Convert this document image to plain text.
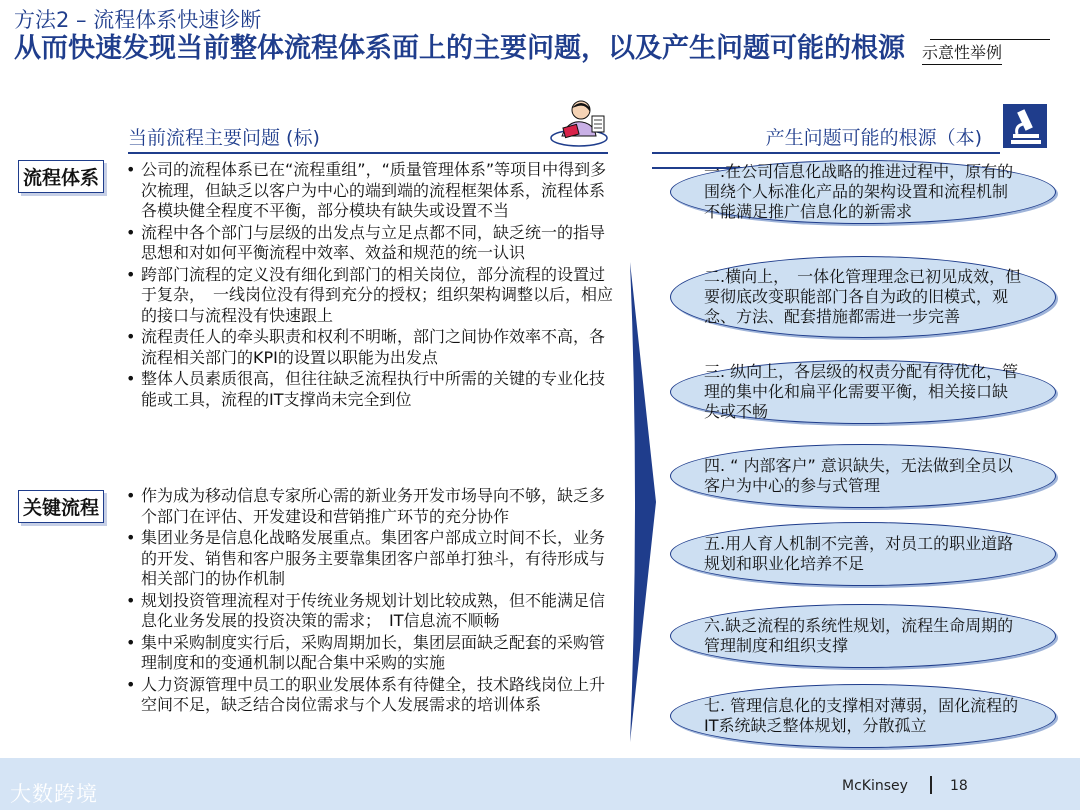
方法2 – 流程体系快速诊断
从而快速发现当前整体流程体系面上的主要问题，以及产生问题可能的根源	示意性举例
当前流程主要问题 (标)	产生问题可能的根源（本)
流程体系	• 公司的流程体系已在“流程重组”，“质量管理体系”等项目中得到多次梳理，但缺乏以客户为中心的端到端的流程框架体系，流程体系各模块健全程度不平衡，部分模块有缺失或设置不当
• 流程中各个部门与层级的出发点与立足点都不同，缺乏统一的指导思想和对如何平衡流程中效率、效益和规范的统一认识
• 跨部门流程的定义没有细化到部门的相关岗位，部分流程的设置过于复杂，　一线岗位没有得到充分的授权；组织架构调整以后，相应的接口与流程没有快速跟上
• 流程责任人的牵头职责和权利不明晰，部门之间协作效率不高，各流程相关部门的KPI的设置以职能为出发点
• 整体人员素质很高，但往往缺乏流程执行中所需的关键的专业化技能或工具，流程的IT支撑尚未完全到位
关键流程
• 作为成为移动信息专家所心需的新业务开发市场导向不够，缺乏多个部门在评估、开发建设和营销推广环节的充分协作
• 集团业务是信息化战略发展重点。集团客户部成立时间不长，业务的开发、销售和客户服务主要靠集团客户部单打独斗，有待形成与相关部门的协作机制
• 规划投资管理流程对于传统业务规划计划比较成熟，但不能满足信息化业务发展的投资决策的需求；　IT信息流不顺畅
• 集中采购制度实行后，采购周期加长，集团层面缺乏配套的采购管理制度和的变通机制以配合集中采购的实施
• 人力资源管理中员工的职业发展体系有待健全，技术路线岗位上升空间不足，缺乏结合岗位需求与个人发展需求的培训体系
一.在公司信息化战略的推进过程中，原有的围绕个人标准化产品的架构设置和流程机制不能满足推广信息化的新需求
二.横向上，　一体化管理理念已初见成效，但要彻底改变职能部门各自为政的旧模式，观念、方法、配套措施都需进一步完善
三. 纵向上，各层级的权责分配有待优化，管理的集中化和扁平化需要平衡，相关接口缺失或不畅
四. “ 内部客户” 意识缺失，无法做到全员以客户为中心的参与式管理
五.用人育人机制不完善，对员工的职业道路规划和职业化培养不足
六.缺乏流程的系统性规划，流程生命周期的管理制度和组织支撑
七. 管理信息化的支撑相对薄弱，固化流程的IT系统缺乏整体规划，分散孤立
大数跨境	McKinsey	18
